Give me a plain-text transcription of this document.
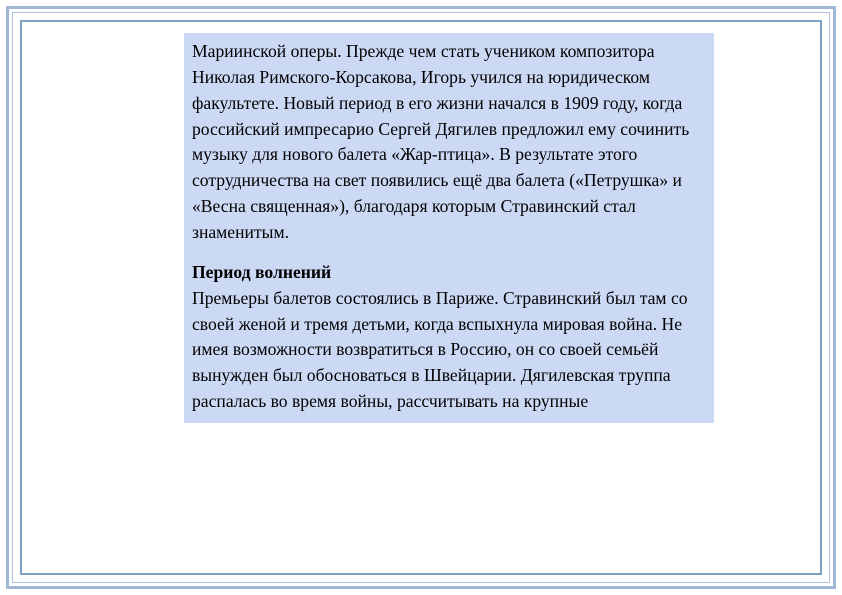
Мариинской оперы. Прежде чем стать учеником композитора Николая Римского-Корсакова, Игорь учился на юридическом факультете. Новый период в его жизни начался в 1909 году, когда российский импресарио Сергей Дягилев предложил ему сочинить музыку для нового балета «Жар-птица». В результате этого сотрудничества на свет появились ещё два балета («Петрушка» и «Весна священная»), благодаря которым Стравинский стал знаменитым.

Период волнений

Премьеры балетов состоялись в Париже. Стравинский был там со своей женой и тремя детьми, когда вспыхнула мировая война. Не имея возможности возвратиться в Россию, он со своей семьёй вынужден был обосноваться в Швейцарии. Дягилевская труппа распалась во время войны, рассчитывать на крупные
